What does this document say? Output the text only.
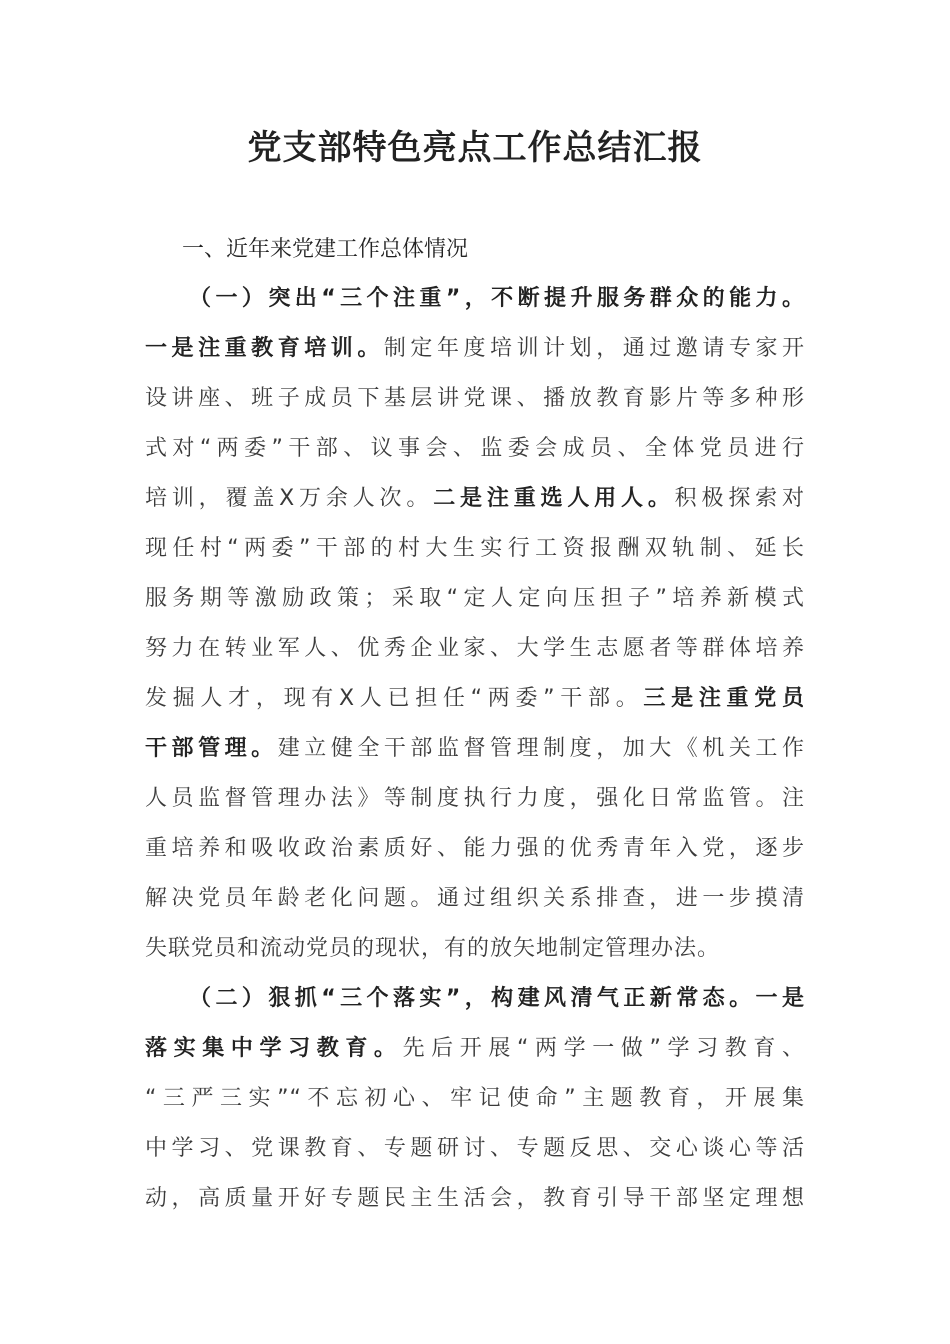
党支部特色亮点工作总结汇报
一、近年来党建工作总体情况
（一）突出“三个注重”，不断提升服务群众的能力。
一是注重教育培训。制定年度培训计划，通过邀请专家开
设讲座、班子成员下基层讲党课、播放教育影片等多种形
式对“两委”干部、议事会、监委会成员、全体党员进行
培训，覆盖X万余人次。二是注重选人用人。积极探索对
现任村“两委”干部的村大生实行工资报酬双轨制、延长
服务期等激励政策；采取“定人定向压担子”培养新模式
努力在转业军人、优秀企业家、大学生志愿者等群体培养
发掘人才，现有X人已担任“两委”干部。三是注重党员
干部管理。建立健全干部监督管理制度，加大《机关工作
人员监督管理办法》等制度执行力度，强化日常监管。注
重培养和吸收政治素质好、能力强的优秀青年入党，逐步
解决党员年龄老化问题。通过组织关系排查，进一步摸清
失联党员和流动党员的现状，有的放矢地制定管理办法。
（二）狠抓“三个落实”，构建风清气正新常态。一是
落实集中学习教育。先后开展“两学一做”学习教育、
“三严三实”“不忘初心、牢记使命”主题教育，开展集
中学习、党课教育、专题研讨、专题反思、交心谈心等活
动，高质量开好专题民主生活会，教育引导干部坚定理想
